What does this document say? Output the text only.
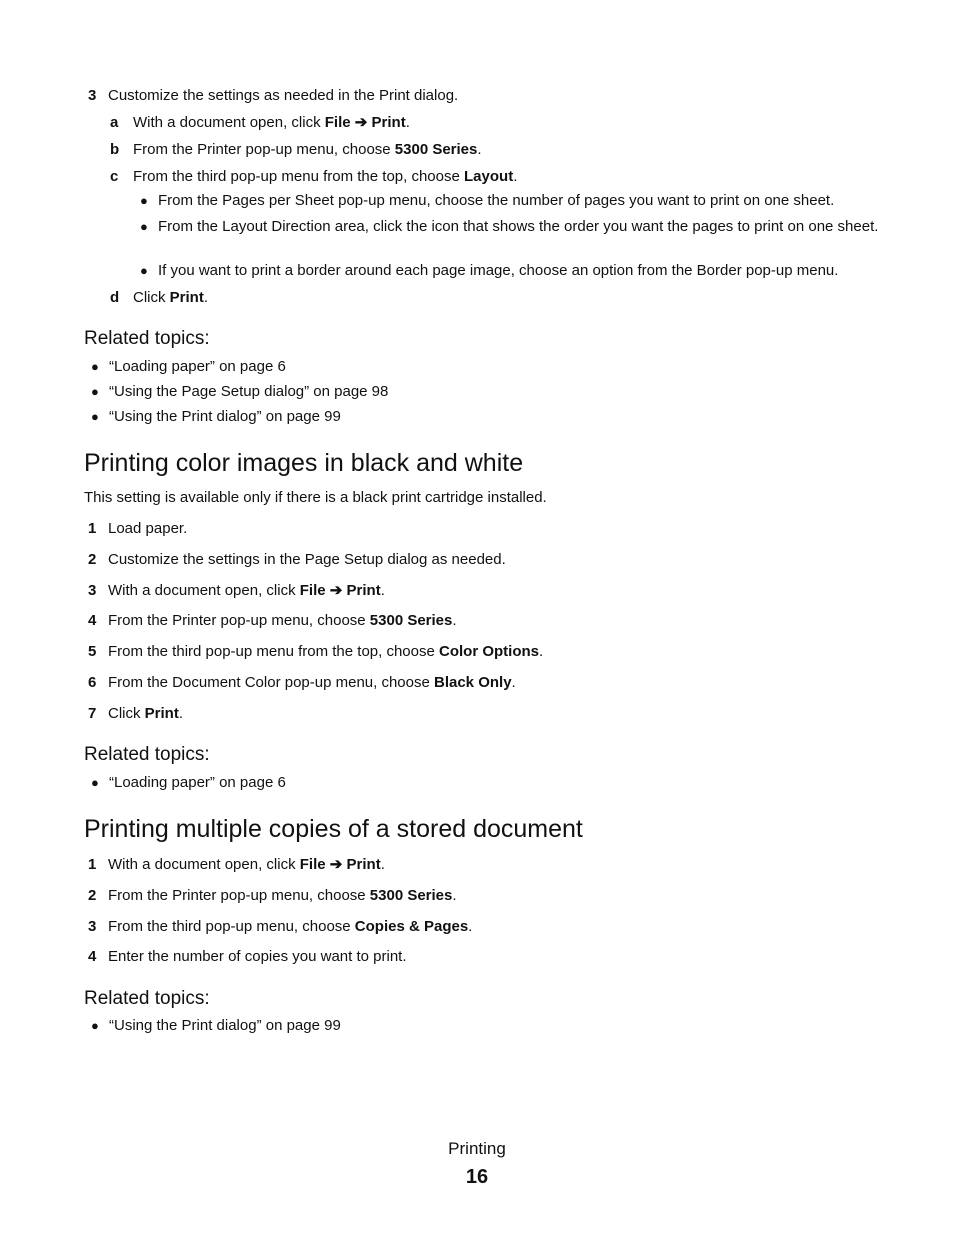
3 Customize the settings as needed in the Print dialog.
a With a document open, click File ➔ Print.
b From the Printer pop-up menu, choose 5300 Series.
c From the third pop-up menu from the top, choose Layout.
● From the Pages per Sheet pop-up menu, choose the number of pages you want to print on one sheet.
● From the Layout Direction area, click the icon that shows the order you want the pages to print on one sheet.
● If you want to print a border around each page image, choose an option from the Border pop-up menu.
d Click Print.
Related topics:
● “Loading paper” on page 6
● “Using the Page Setup dialog” on page 98
● “Using the Print dialog” on page 99
Printing color images in black and white
This setting is available only if there is a black print cartridge installed.
1 Load paper.
2 Customize the settings in the Page Setup dialog as needed.
3 With a document open, click File ➔ Print.
4 From the Printer pop-up menu, choose 5300 Series.
5 From the third pop-up menu from the top, choose Color Options.
6 From the Document Color pop-up menu, choose Black Only.
7 Click Print.
Related topics:
● “Loading paper” on page 6
Printing multiple copies of a stored document
1 With a document open, click File ➔ Print.
2 From the Printer pop-up menu, choose 5300 Series.
3 From the third pop-up menu, choose Copies & Pages.
4 Enter the number of copies you want to print.
Related topics:
● “Using the Print dialog” on page 99
Printing
16
